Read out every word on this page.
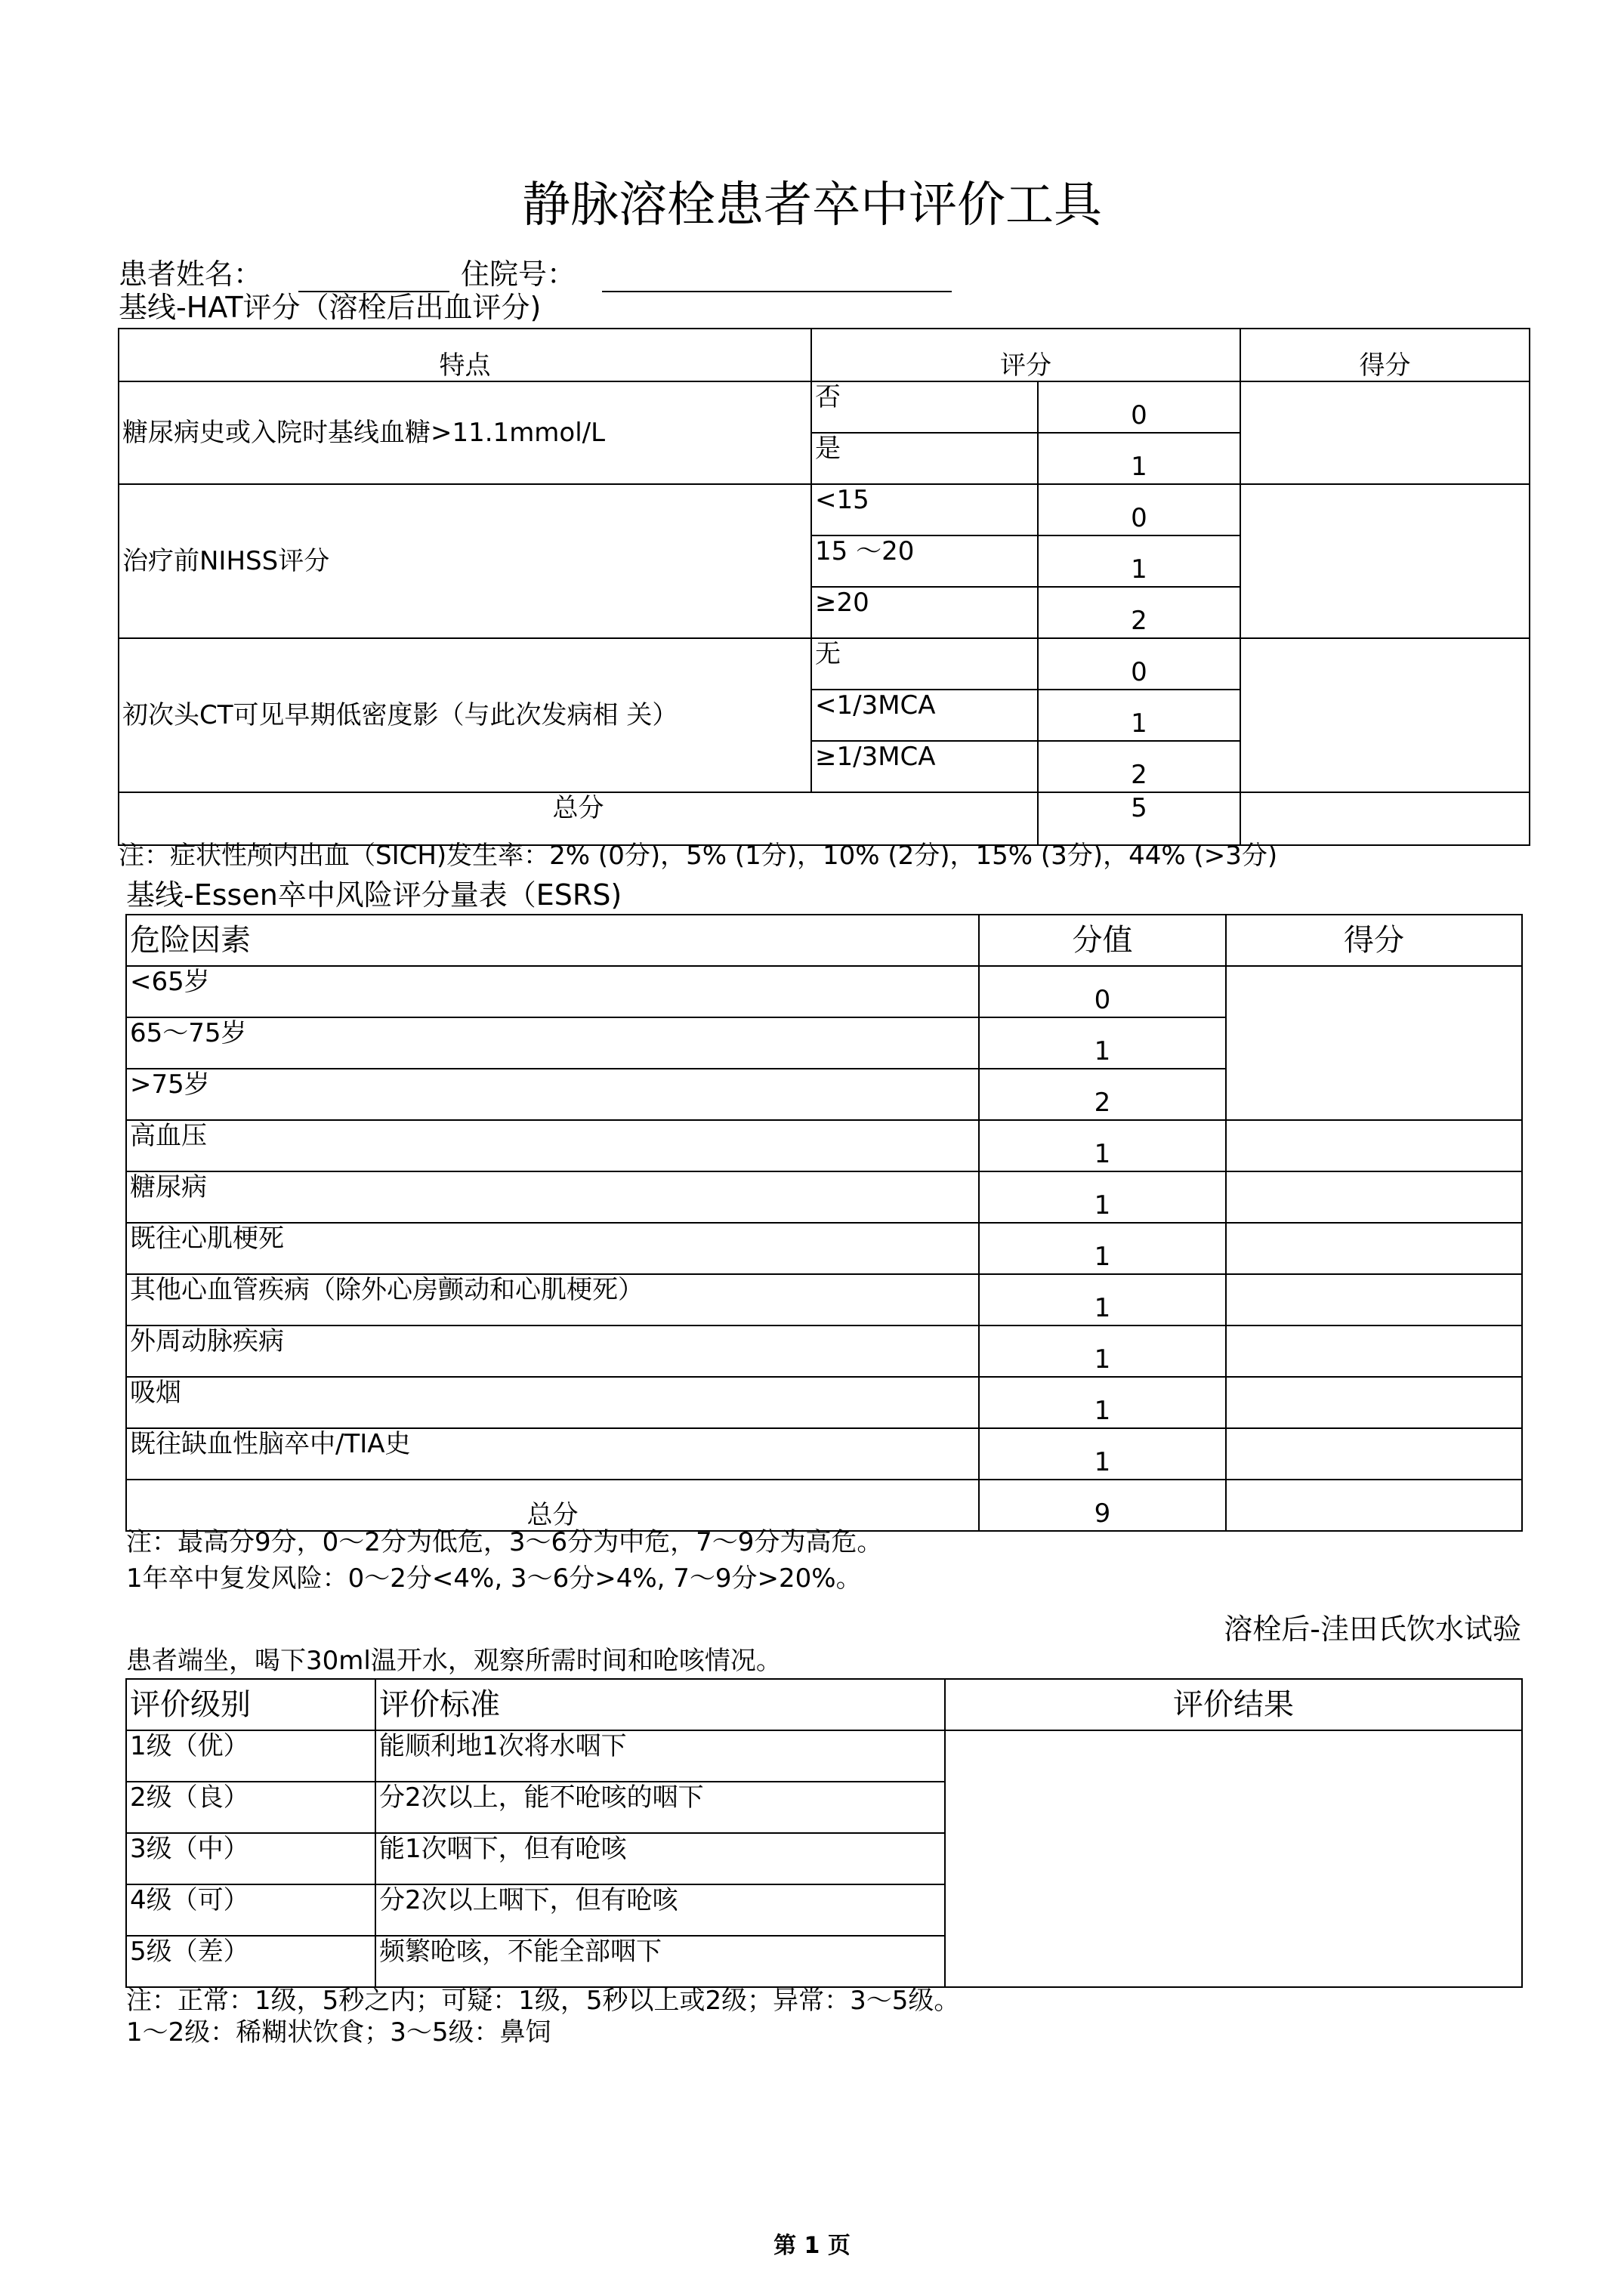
静脉溶栓患者卒中评价工具
患者姓名：	住院号：
基线-HAT评分（溶栓后出血评分)
特点	评分		得分
糖尿病史或入院时基线血糖>11.1mmol/L	否	0	

	是	1	

治疗前NIHSS评分	<15	0	

	15 ～20	1	

	≥20	2	

初次头CT可见早期低密度影（与此次发病相 关）	无	0	

	<1/3MCA	1	

	≥1/3MCA	2	

总分		5	
注：症状性颅内出血（SICH)发生率：2% (0分)，5% (1分)，10% (2分)，15% (3分)，44% (>3分)
基线-Essen卒中风险评分量表（ESRS)
危险因素	分值	得分
<65岁	0	

65～75岁	1	

>75岁	2	

高血压	1	

糖尿病	1	

既往心肌梗死	1	

其他心血管疾病（除外心房颤动和心肌梗死）	1	

外周动脉疾病	1	

吸烟	1	

既往缺血性脑卒中/TIA史	1	

总分	9	

注：最高分9分，0～2分为低危，3～6分为中危，7～9分为高危。
1年卒中复发风险：0～2分<4%, 3～6分>4%, 7～9分>20%。
溶栓后-洼田氏饮水试验
患者端坐，喝下30ml温开水，观察所需时间和呛咳情况。
评价级别	评价标准	评价结果
1级（优）	能顺利地1次将水咽下	
2级（良）	分2次以上，能不呛咳的咽下	
3级（中）	能1次咽下，但有呛咳	
4级（可）	分2次以上咽下，但有呛咳	
5级（差）	频繁呛咳，不能全部咽下	
注：正常：1级，5秒之内；可疑：1级，5秒以上或2级；异常：3～5级。
1～2级：稀糊状饮食；3～5级：鼻饲
第 1 页
